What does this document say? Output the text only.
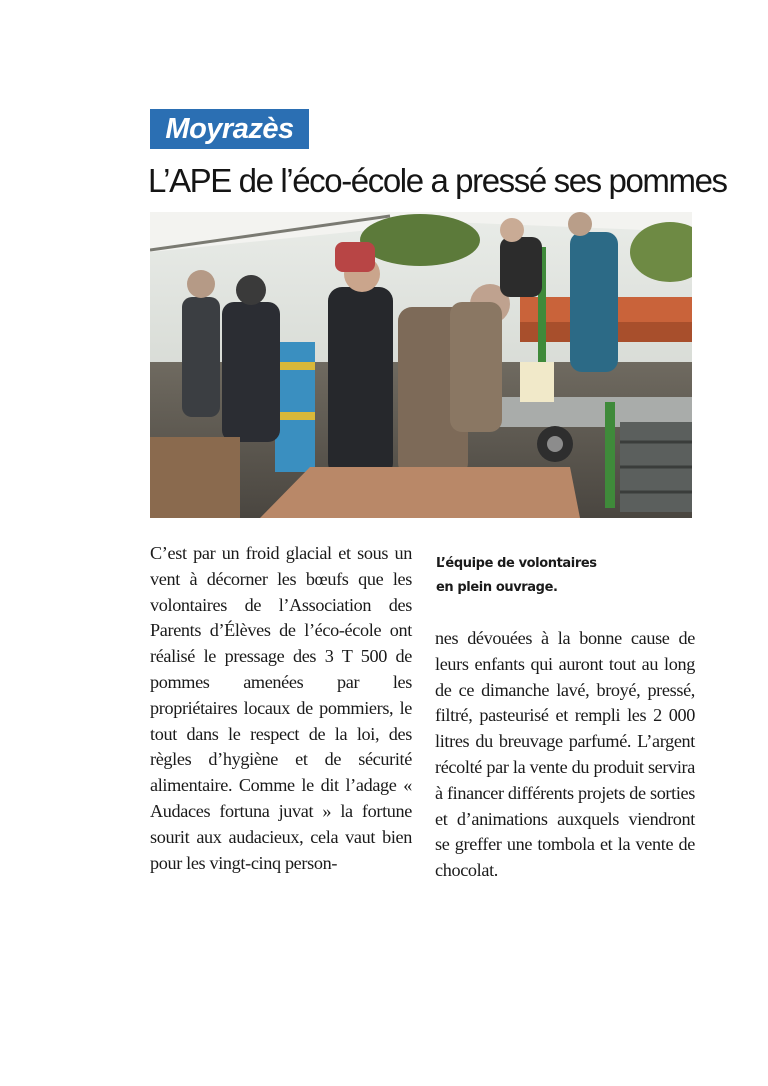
Moyrazès
L’APE de l’éco-école a pressé ses pommes
L’équipe de volontaires
en plein ouvrage.
C’est par un froid glacial et sous un vent à décorner les bœufs que les volontaires de l’Association des Parents d’Élèves de l’éco-école ont réalisé le pressage des 3 T 500 de pommes amenées par les propriétaires locaux de pommiers, le tout dans le respect de la loi, des règles d’hygiène et de sécurité alimentaire. Comme le dit l’adage « Audaces fortuna juvat » la fortune sourit aux audacieux, cela vaut bien pour les vingt-cinq person-
nes dévouées à la bonne cause de leurs enfants qui auront tout au long de ce dimanche lavé, broyé, pressé, filtré, pasteurisé et rempli les 2 000 litres du breuvage parfumé. L’argent récolté par la vente du produit servira à financer différents projets de sorties et d’animations auxquels viendront se greffer une tombola et la vente de chocolat.
